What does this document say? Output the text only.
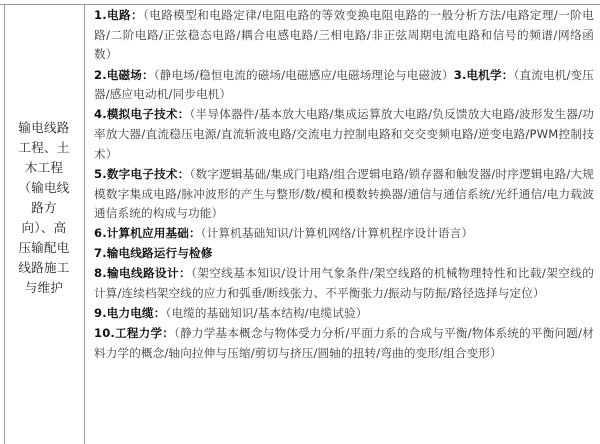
输电线路
工程、土
木工程
（输电线
路方
向）、高
压输配电
线路施工
与维护
1.电路：（电路模型和电路定律/电阻电路的等效变换电阻电路的一般分析方法/电路定理/一阶电路/二阶电路/正弦稳态电路/耦合电感电路/三相电路/非正弦周期电流电路和信号的频谱/网络函数）
2.电磁场：（静电场/稳恒电流的磁场/电磁感应/电磁场理论与电磁波）3.电机学：（直流电机/变压器/感应电动机/同步电机）
4.模拟电子技术：（半导体器件/基本放大电路/集成运算放大电路/负反馈放大电路/波形发生器/功率放大器/直流稳压电源/直流斩波电路/交流电力控制电路和交交变频电路/逆变电路/PWM控制技术）
5.数字电子技术：（数字逻辑基础/集成门电路/组合逻辑电路/锁存器和触发器/时序逻辑电路/大规模数字集成电路/脉冲波形的产生与整形/数/模和模数转换器/通信与通信系统/光纤通信/电力载波通信系统的构成与功能）
6.计算机应用基础：（计算机基础知识/计算机网络/计算机程序设计语言）
7.输电线路运行与检修
8.输电线路设计：（架空线基本知识/设计用气象条件/架空线路的机械物理特性和比载/架空线的计算/连续档架空线的应力和弧垂/断线张力、不平衡张力/振动与防振/路径选择与定位）
9.电力电缆：（电缆的基础知识/基本结构/电缆试验）
10.工程力学：（静力学基本概念与物体受力分析/平面力系的合成与平衡/物体系统的平衡问题/材料力学的概念/轴向拉伸与压缩/剪切与挤压/圆轴的扭转/弯曲的变形/组合变形）
